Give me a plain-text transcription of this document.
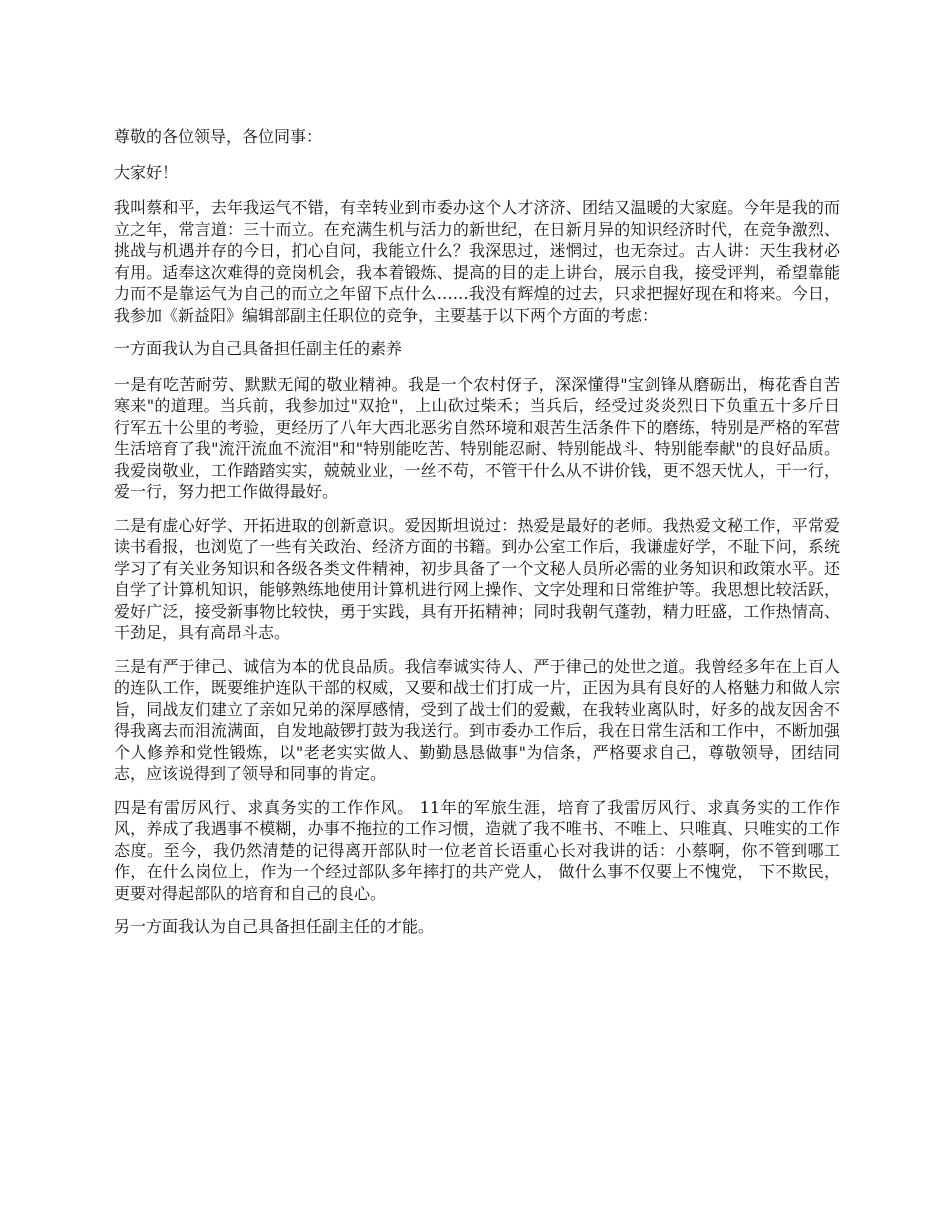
尊敬的各位领导，各位同事：

大家好！

我叫蔡和平，去年我运气不错，有幸转业到市委办这个人才济济、团结又温暖的大家庭。今年是我的而立之年，常言道：三十而立。在充满生机与活力的新世纪，在日新月异的知识经济时代，在竞争激烈、挑战与机遇并存的今日，扪心自问，我能立什么？我深思过，迷惘过，也无奈过。古人讲：天生我材必有用。适奉这次难得的竞岗机会，我本着锻炼、提高的目的走上讲台，展示自我，接受评判，希望靠能力而不是靠运气为自己的而立之年留下点什么……我没有辉煌的过去，只求把握好现在和将来。今日，我参加《新益阳》编辑部副主任职位的竞争，主要基于以下两个方面的考虑：

一方面我认为自己具备担任副主任的素养

一是有吃苦耐劳、默默无闻的敬业精神。我是一个农村伢子，深深懂得"宝剑锋从磨砺出，梅花香自苦寒来"的道理。当兵前，我参加过"双抢"，上山砍过柴禾；当兵后，经受过炎炎烈日下负重五十多斤日行军五十公里的考验，更经历了八年大西北恶劣自然环境和艰苦生活条件下的磨练，特别是严格的军营生活培育了我"流汗流血不流泪"和"特别能吃苦、特别能忍耐、特别能战斗、特别能奉献"的良好品质。我爱岗敬业，工作踏踏实实，兢兢业业，一丝不苟，不管干什么从不讲价钱，更不怨天忧人，干一行，爱一行，努力把工作做得最好。

二是有虚心好学、开拓进取的创新意识。爱因斯坦说过：热爱是最好的老师。我热爱文秘工作，平常爱读书看报，也浏览了一些有关政治、经济方面的书籍。到办公室工作后，我谦虚好学，不耻下问，系统学习了有关业务知识和各级各类文件精神，初步具备了一个文秘人员所必需的业务知识和政策水平。还自学了计算机知识，能够熟练地使用计算机进行网上操作、文字处理和日常维护等。我思想比较活跃，爱好广泛，接受新事物比较快，勇于实践，具有开拓精神；同时我朝气蓬勃，精力旺盛，工作热情高、干劲足，具有高昂斗志。

三是有严于律己、诚信为本的优良品质。我信奉诚实待人、严于律己的处世之道。我曾经多年在上百人的连队工作，既要维护连队干部的权威，又要和战士们打成一片，正因为具有良好的人格魅力和做人宗旨，同战友们建立了亲如兄弟的深厚感情，受到了战士们的爱戴，在我转业离队时，好多的战友因舍不得我离去而泪流满面，自发地敲锣打鼓为我送行。到市委办工作后，我在日常生活和工作中，不断加强个人修养和党性锻炼，以"老老实实做人、勤勤恳恳做事"为信条，严格要求自己，尊敬领导，团结同志，应该说得到了领导和同事的肯定。

四是有雷厉风行、求真务实的工作作风。 11年的军旅生涯，培育了我雷厉风行、求真务实的工作作风，养成了我遇事不模糊，办事不拖拉的工作习惯，造就了我不唯书、不唯上、只唯真、只唯实的工作态度。至今，我仍然清楚的记得离开部队时一位老首长语重心长对我讲的话：小蔡啊，你不管到哪工作，在什么岗位上，作为一个经过部队多年摔打的共产党人， 做什么事不仅要上不愧党， 下不欺民，更要对得起部队的培育和自己的良心。

另一方面我认为自己具备担任副主任的才能。
